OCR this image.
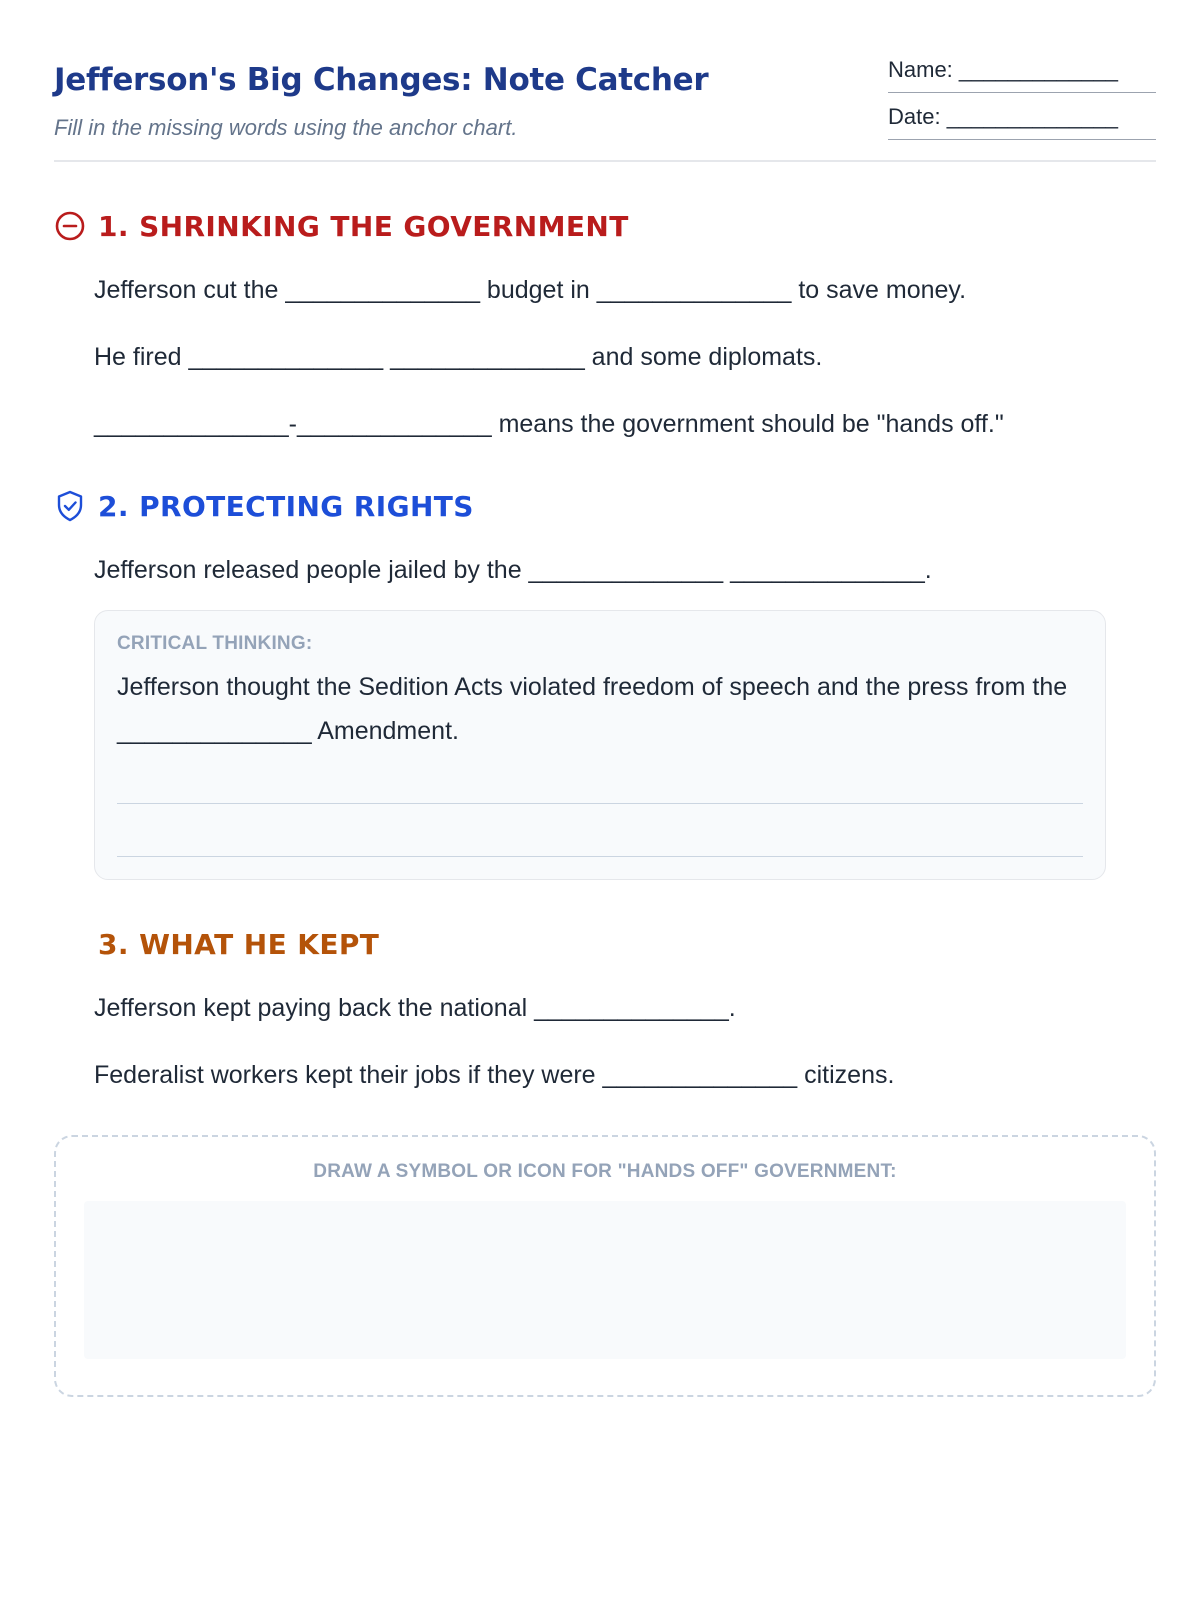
Jefferson's Big Changes: Note Catcher

Fill in the missing words using the anchor chart.

Name: _____________
Date: ______________
1. SHRINKING THE GOVERNMENT

Jefferson cut the ______________ budget in ______________ to save money.

He fired ______________ ______________ and some diplomats.

______________-______________ means the government should be "hands off."

2. PROTECTING RIGHTS

Jefferson released people jailed by the ______________ ______________.

CRITICAL THINKING:

Jefferson thought the Sedition Acts violated freedom of speech and the press from the ______________ Amendment.

3. WHAT HE KEPT

Jefferson kept paying back the national ______________.

Federalist workers kept their jobs if they were ______________ citizens.

DRAW A SYMBOL OR ICON FOR "HANDS OFF" GOVERNMENT:
